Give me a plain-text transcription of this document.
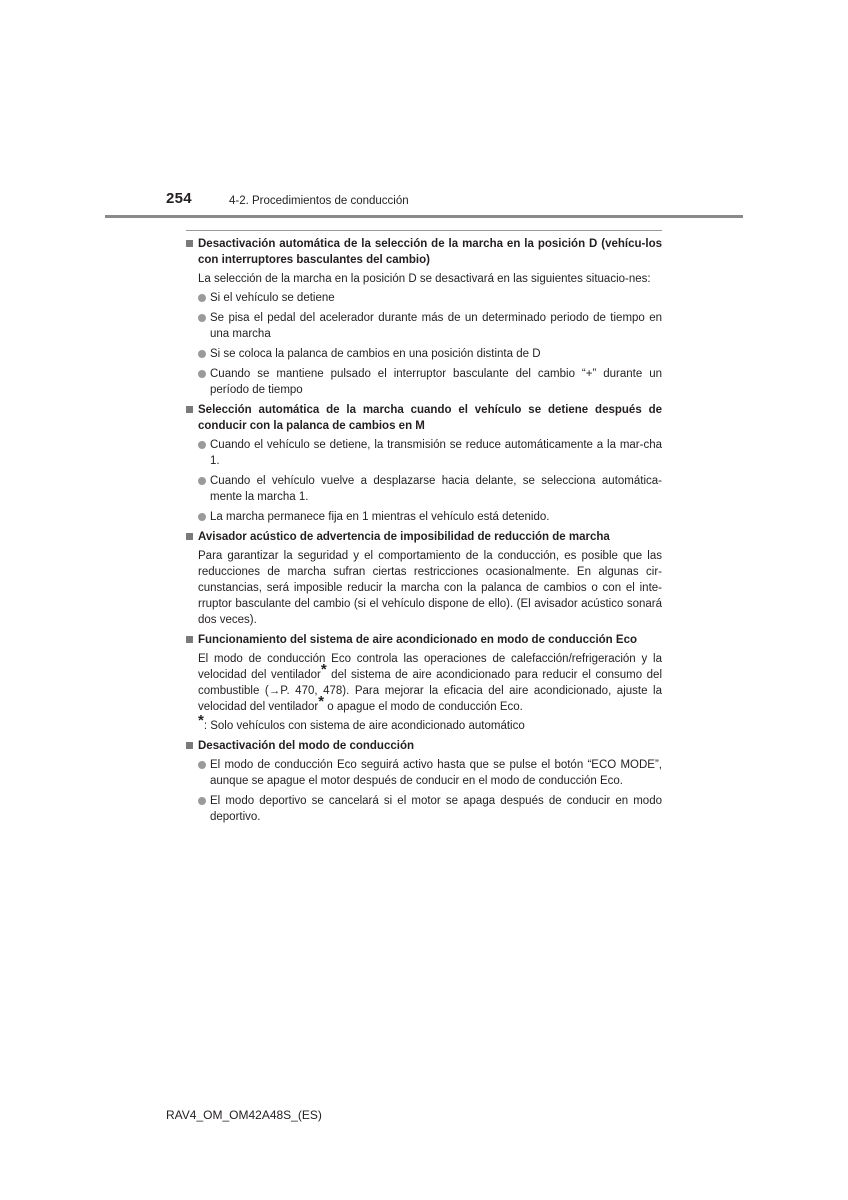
254	4-2. Procedimientos de conducción
Desactivación automática de la selección de la marcha en la posición D (vehícu-los con interruptores basculantes del cambio)
La selección de la marcha en la posición D se desactivará en las siguientes situacio-nes:
Si el vehículo se detiene
Se pisa el pedal del acelerador durante más de un determinado periodo de tiempo en una marcha
Si se coloca la palanca de cambios en una posición distinta de D
Cuando se mantiene pulsado el interruptor basculante del cambio “+” durante un período de tiempo
Selección automática de la marcha cuando el vehículo se detiene después de conducir con la palanca de cambios en M
Cuando el vehículo se detiene, la transmisión se reduce automáticamente a la mar-cha 1.
Cuando el vehículo vuelve a desplazarse hacia delante, se selecciona automática-mente la marcha 1.
La marcha permanece fija en 1 mientras el vehículo está detenido.
Avisador acústico de advertencia de imposibilidad de reducción de marcha
Para garantizar la seguridad y el comportamiento de la conducción, es posible que las reducciones de marcha sufran ciertas restricciones ocasionalmente. En algunas cir-cunstancias, será imposible reducir la marcha con la palanca de cambios o con el inte-rruptor basculante del cambio (si el vehículo dispone de ello). (El avisador acústico sonará dos veces).
Funcionamiento del sistema de aire acondicionado en modo de conducción Eco
El modo de conducción Eco controla las operaciones de calefacción/refrigeración y la velocidad del ventilador* del sistema de aire acondicionado para reducir el consumo del combustible (→P. 470, 478). Para mejorar la eficacia del aire acondicionado, ajuste la velocidad del ventilador* o apague el modo de conducción Eco.
*: Solo vehículos con sistema de aire acondicionado automático
Desactivación del modo de conducción
El modo de conducción Eco seguirá activo hasta que se pulse el botón “ECO MODE”, aunque se apague el motor después de conducir en el modo de conducción Eco.
El modo deportivo se cancelará si el motor se apaga después de conducir en modo deportivo.
RAV4_OM_OM42A48S_(ES)
